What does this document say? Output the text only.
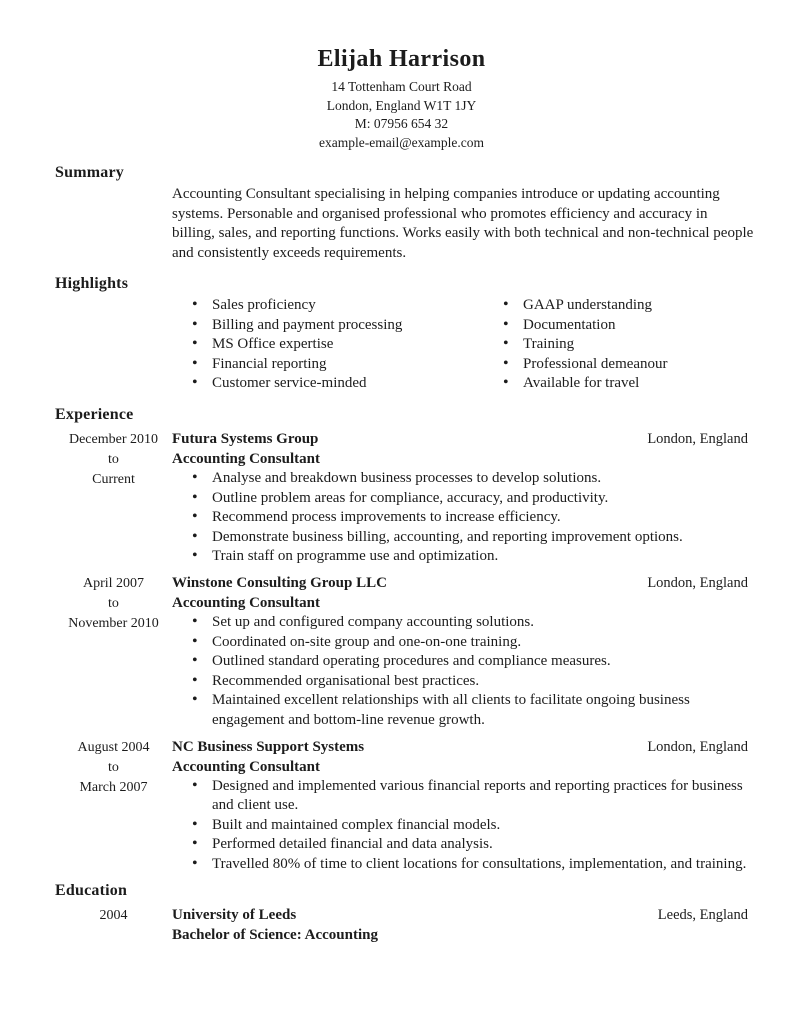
Elijah Harrison
14 Tottenham Court Road
London, England W1T 1JY
M: 07956 654 32
example-email@example.com
Summary

Accounting Consultant specialising in helping companies introduce or updating accounting systems. Personable and organised professional who promotes efficiency and accuracy in billing, sales, and reporting functions. Works easily with both technical and non-technical people and consistently exceeds requirements.

Highlights
• Sales proficiency
• Billing and payment processing
• MS Office expertise
• Financial reporting
• Customer service-minded
• GAAP understanding
• Documentation
• Training
• Professional demeanour
• Available for travel
Experience
December 2010
to
Current
Futura Systems Group	London, England
Accounting Consultant
• Analyse and breakdown business processes to develop solutions.
• Outline problem areas for compliance, accuracy, and productivity.
• Recommend process improvements to increase efficiency.
• Demonstrate business billing, accounting, and reporting improvement options.
• Train staff on programme use and optimization.
April 2007
to
November 2010
Winstone Consulting Group LLC	London, England
Accounting Consultant
• Set up and configured company accounting solutions.
• Coordinated on-site group and one-on-one training.
• Outlined standard operating procedures and compliance measures.
• Recommended organisational best practices.
• Maintained excellent relationships with all clients to facilitate ongoing business engagement and bottom-line revenue growth.
August 2004
to
March 2007
NC Business Support Systems	London, England
Accounting Consultant
• Designed and implemented various financial reports and reporting practices for business and client use.
• Built and maintained complex financial models.
• Performed detailed financial and data analysis.
• Travelled 80% of time to client locations for consultations, implementation, and training.
Education
2004	University of Leeds	Leeds, England
Bachelor of Science: Accounting
